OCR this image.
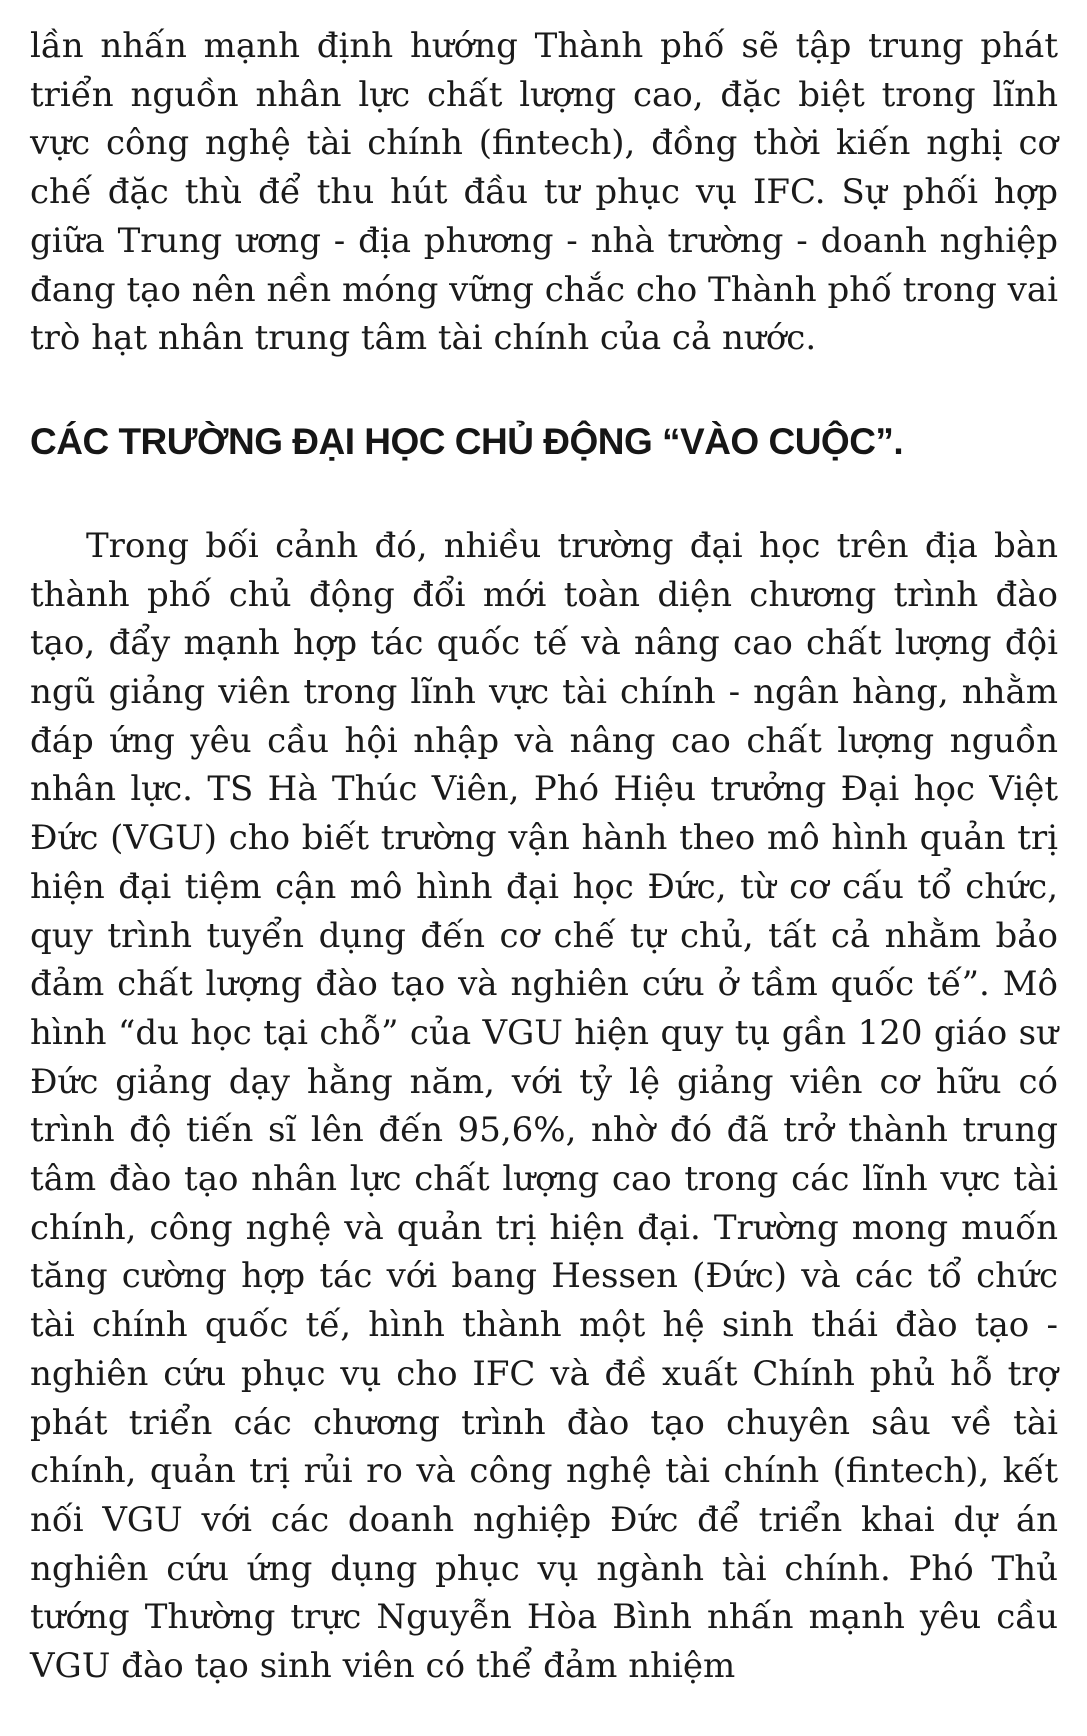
lần nhấn mạnh định hướng Thành phố sẽ tập trung phát triển nguồn nhân lực chất lượng cao, đặc biệt trong lĩnh vực công nghệ tài chính (fintech), đồng thời kiến nghị cơ chế đặc thù để thu hút đầu tư phục vụ IFC. Sự phối hợp giữa Trung ương - địa phương - nhà trường - doanh nghiệp đang tạo nên nền móng vững chắc cho Thành phố trong vai trò hạt nhân trung tâm tài chính của cả nước.

CÁC TRƯỜNG ĐẠI HỌC CHỦ ĐỘNG “VÀO CUỘC”.

Trong bối cảnh đó, nhiều trường đại học trên địa bàn thành phố chủ động đổi mới toàn diện chương trình đào tạo, đẩy mạnh hợp tác quốc tế và nâng cao chất lượng đội ngũ giảng viên trong lĩnh vực tài chính - ngân hàng, nhằm đáp ứng yêu cầu hội nhập và nâng cao chất lượng nguồn nhân lực. TS Hà Thúc Viên, Phó Hiệu trưởng Đại học Việt Đức (VGU) cho biết trường vận hành theo mô hình quản trị hiện đại tiệm cận mô hình đại học Đức, từ cơ cấu tổ chức, quy trình tuyển dụng đến cơ chế tự chủ, tất cả nhằm bảo đảm chất lượng đào tạo và nghiên cứu ở tầm quốc tế”. Mô hình “du học tại chỗ” của VGU hiện quy tụ gần 120 giáo sư Đức giảng dạy hằng năm, với tỷ lệ giảng viên cơ hữu có trình độ tiến sĩ lên đến 95,6%, nhờ đó đã trở thành trung tâm đào tạo nhân lực chất lượng cao trong các lĩnh vực tài chính, công nghệ và quản trị hiện đại. Trường mong muốn tăng cường hợp tác với bang Hessen (Đức) và các tổ chức tài chính quốc tế, hình thành một hệ sinh thái đào tạo - nghiên cứu phục vụ cho IFC và đề xuất Chính phủ hỗ trợ phát triển các chương trình đào tạo chuyên sâu về tài chính, quản trị rủi ro và công nghệ tài chính (fintech), kết nối VGU với các doanh nghiệp Đức để triển khai dự án nghiên cứu ứng dụng phục vụ ngành tài chính. Phó Thủ tướng Thường trực Nguyễn Hòa Bình nhấn mạnh yêu cầu VGU đào tạo sinh viên có thể đảm nhiệm
